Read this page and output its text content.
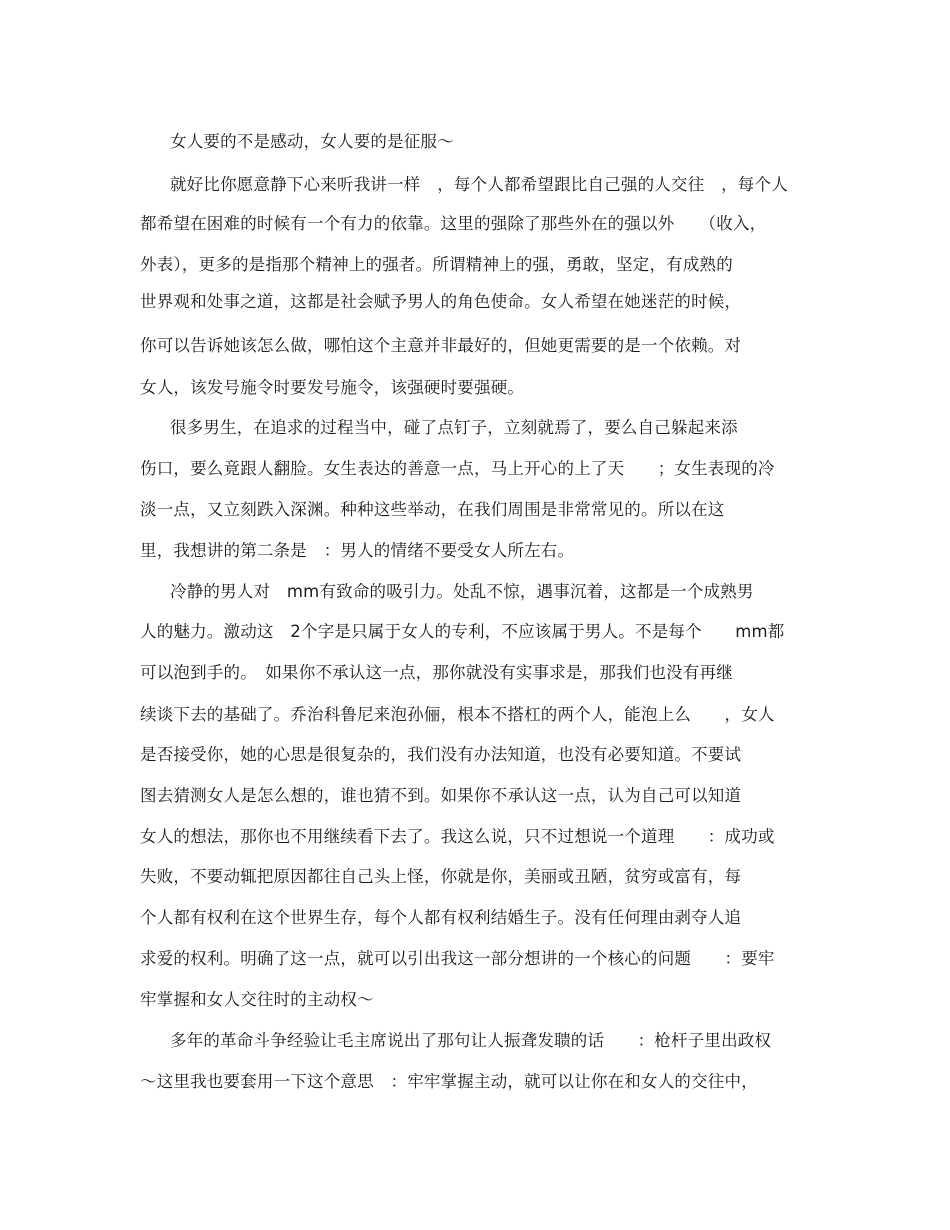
女人要的不是感动，女人要的是征服～
就好比你愿意静下心来听我讲一样　，每个人都希望跟比自己强的人交往　，每个人
都希望在困难的时候有一个有力的依靠。这里的强除了那些外在的强以外　　（收入，
外表），更多的是指那个精神上的强者。所谓精神上的强，勇敢，坚定，有成熟的
世界观和处事之道，这都是社会赋予男人的角色使命。女人希望在她迷茫的时候，
你可以告诉她该怎么做，哪怕这个主意并非最好的，但她更需要的是一个依赖。对
女人，该发号施令时要发号施令，该强硬时要强硬。
很多男生，在追求的过程当中，碰了点钉子，立刻就焉了，要么自己躲起来添
伤口，要么竟跟人翻脸。女生表达的善意一点，马上开心的上了天　　；女生表现的冷
淡一点，又立刻跌入深渊。种种这些举动，在我们周围是非常常见的。所以在这
里，我想讲的第二条是　：男人的情绪不要受女人所左右。
冷静的男人对　mm有致命的吸引力。处乱不惊，遇事沉着，这都是一个成熟男
人的魅力。激动这　2个字是只属于女人的专利，不应该属于男人。不是每个　　mm都
可以泡到手的。　如果你不承认这一点，那你就没有实事求是，那我们也没有再继
续谈下去的基础了。乔治科鲁尼来泡孙俪，根本不搭杠的两个人，能泡上么　　，女人
是否接受你，她的心思是很复杂的，我们没有办法知道，也没有必要知道。不要试
图去猜测女人是怎么想的，谁也猜不到。如果你不承认这一点，认为自己可以知道
女人的想法，那你也不用继续看下去了。我这么说，只不过想说一个道理　　：成功或
失败，不要动辄把原因都往自己头上怪，你就是你，美丽或丑陋，贫穷或富有，每
个人都有权利在这个世界生存，每个人都有权利结婚生子。没有任何理由剥夺人追
求爱的权利。明确了这一点，就可以引出我这一部分想讲的一个核心的问题　　：要牢
牢掌握和女人交往时的主动权～
多年的革命斗争经验让毛主席说出了那句让人振聋发聩的话　　：枪杆子里出政权
～这里我也要套用一下这个意思　：牢牢掌握主动，就可以让你在和女人的交往中，
